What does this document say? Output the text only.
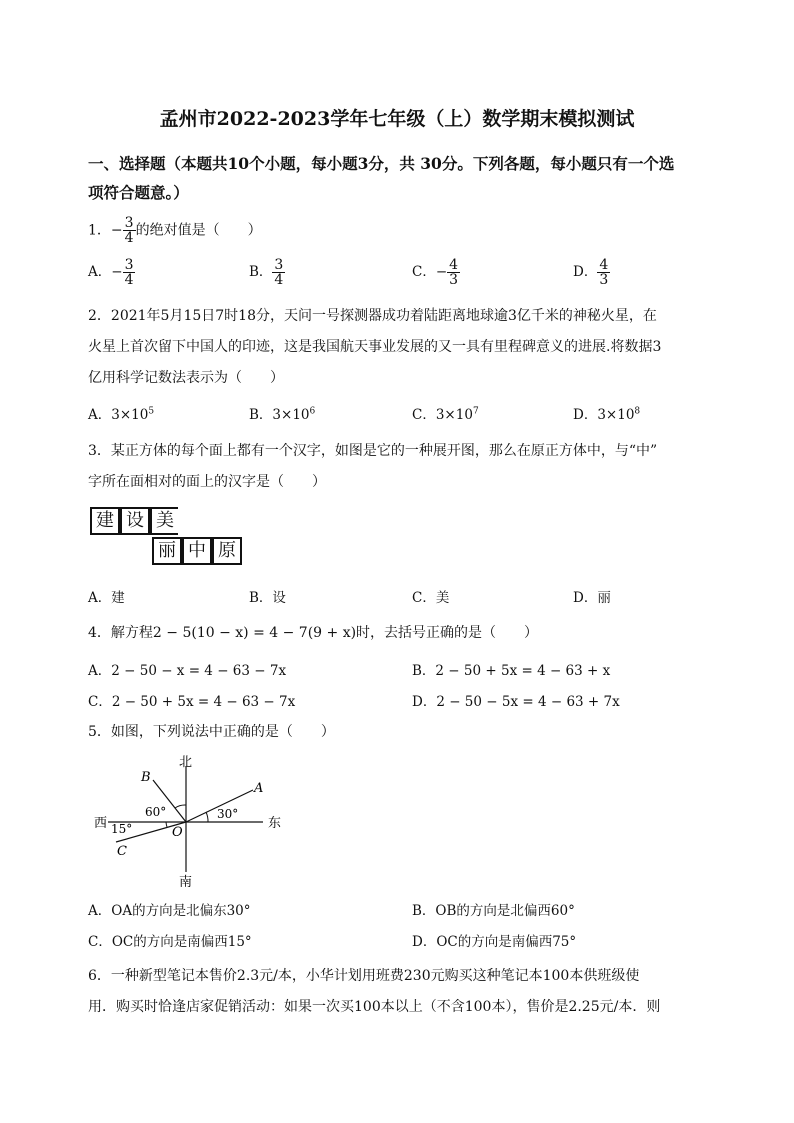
孟州市2022-2023学年七年级（上）数学期末模拟测试
一、选择题（本题共10个小题，每小题3分，共 30分。下列各题，每小题只有一个选
项符合题意。）
1．− $\frac{3}{4}$ 的绝对值是（　　）
A．− $\frac{3}{4}$	B． $\frac{3}{4}$	C．− $\frac{4}{3}$	D． $\frac{4}{3}$
2．2021年5月15日7时18分，天问一号探测器成功着陆距离地球逾3亿千米的神秘火星，在
火星上首次留下中国人的印迹，这是我国航天事业发展的又一具有里程碑意义的进展.将数据3
亿用科学记数法表示为（　　）
A．$3\times 10^5$	B．$3\times 10^6$	C．$3\times 10^7$	D．$3\times 10^8$
3．某正方体的每个面上都有一个汉字，如图是它的一种展开图，那么在原正方体中，与“中”
字所在面相对的面上的汉字是（　　）
建 设 美
丽 中 原
A．建	B．设	C．美	D．丽
4．解方程2 − 5(10 − x) = 4 − 7(9 + x)时，去括号正确的是（　　）
A．2 − 50 − x = 4 − 63 − 7x	B．2 − 50 + 5x = 4 − 63 + x
C．2 − 50 + 5x = 4 − 63 − 7x	D．2 − 50 − 5x = 4 − 63 + 7x
5．如图，下列说法中正确的是（　　）
北
南
东
西
A
B
C
O
60°	30°
15°
A．OA的方向是北偏东30°	B．OB的方向是北偏西60°
C．OC的方向是南偏西15°	D．OC的方向是南偏西75°
6．一种新型笔记本售价2.3元/本，小华计划用班费230元购买这种笔记本100本供班级使
用．购买时恰逢店家促销活动：如果一次买100本以上（不含100本），售价是2.25元/本．则
